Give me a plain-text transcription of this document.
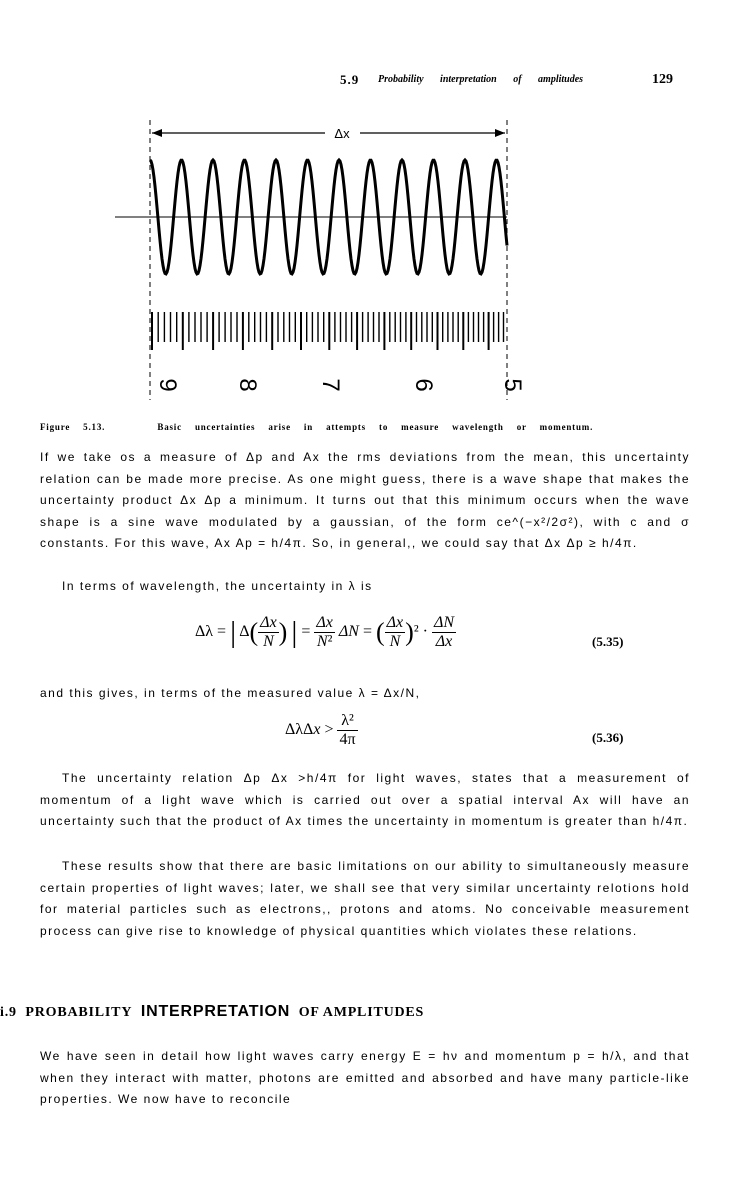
5.9 Probability interpretation of amplitudes	129
Δx
9 8 7	6	5
Figure 5.13.	Basic uncertainties arise in attempts to measure wavelength or momentum.
If we take os a measure of Δp and Ax the rms deviations from the mean, this uncertainty relation can be made more precise. As one might guess, there is a wave shape that makes the uncertainty product Δx Δp a minimum. It turns out that this minimum occurs when the wave shape is a sine wave modulated by a gaussian, of the form ce^(−x²/2σ²), with c and σ constants. For this wave, Ax Ap = h/4π. So, in general,, we could say that Δx Δp ≥ h/4π.
In terms of wavelength, the uncertainty in λ is
Δλ = | $\Delta( \frac{\Delta x}{N}$ ) | = $\frac{\Delta x}{\text{N²}}$ ΔN = ( $\frac{\Delta x}{N} )^2 \cdot \frac{\Delta N}{\Delta x}$	(5.35)
and this gives, in terms of the measured value λ = Δx/N,
$\Delta\lambda\Delta x > \frac{\text{λ²}}{4\pi}$	(5.36)
The uncertainty relation Δp Δx >h/4π for light waves, states that a measurement of momentum of a light wave which is carried out over a spatial interval Ax will have an uncertainty such that the product of Ax times the uncertainty in momentum is greater than h/4π.
These results show that there are basic limitations on our ability to simultaneously measure certain properties of light waves; later, we shall see that very similar uncertainty relotions hold for material particles such as electrons,, protons and atoms. No conceivable measurement process can give rise to knowledge of physical quantities which violates these relations.
i.9 PROBABILITY INTERPRETATION OF AMPLITUDES
We have seen in detail how light waves carry energy E = hν and momentum p = h/λ, and that when they interact with matter, photons are emitted and absorbed and have many particle-like properties. We now have to reconcile
